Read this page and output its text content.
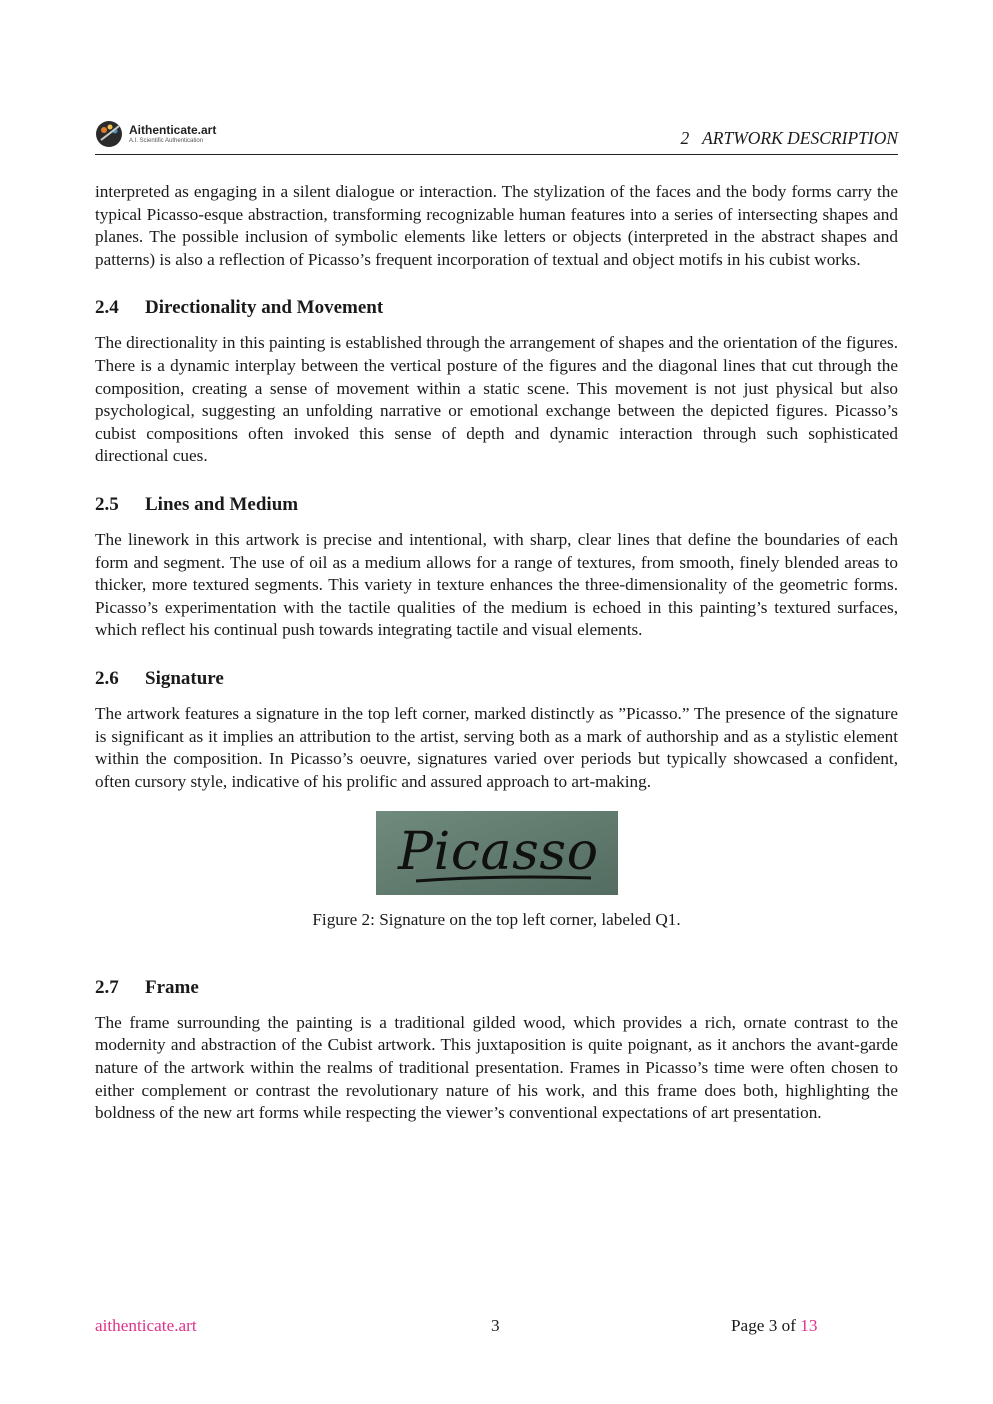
Aithenticate.art
A.I. Scientific Authentication	2   ARTWORK DESCRIPTION

interpreted as engaging in a silent dialogue or interaction. The stylization of the faces and the body forms carry the typical Picasso-esque abstraction, transforming recognizable human features into a series of intersecting shapes and planes. The possible inclusion of symbolic elements like letters or objects (interpreted in the abstract shapes and patterns) is also a reflection of Picasso’s frequent incorporation of textual and object motifs in his cubist works.

2.4	Directionality and Movement

The directionality in this painting is established through the arrangement of shapes and the orientation of the figures. There is a dynamic interplay between the vertical posture of the figures and the diagonal lines that cut through the composition, creating a sense of movement within a static scene. This movement is not just physical but also psychological, suggesting an unfolding narrative or emotional exchange between the depicted figures. Picasso’s cubist compositions often invoked this sense of depth and dynamic interaction through such sophisticated directional cues.

2.5	Lines and Medium

The linework in this artwork is precise and intentional, with sharp, clear lines that define the boundaries of each form and segment. The use of oil as a medium allows for a range of textures, from smooth, finely blended areas to thicker, more textured segments. This variety in texture enhances the three-dimensionality of the geometric forms. Picasso’s experimentation with the tactile qualities of the medium is echoed in this painting’s textured surfaces, which reflect his continual push towards integrating tactile and visual elements.

2.6	Signature

The artwork features a signature in the top left corner, marked distinctly as ”Picasso.” The presence of the signature is significant as it implies an attribution to the artist, serving both as a mark of authorship and as a stylistic element within the composition. In Picasso’s oeuvre, signatures varied over periods but typically showcased a confident, often cursory style, indicative of his prolific and assured approach to art-making.

Picasso
Figure 2: Signature on the top left corner, labeled Q1.
2.7	Frame

The frame surrounding the painting is a traditional gilded wood, which provides a rich, ornate contrast to the modernity and abstraction of the Cubist artwork. This juxtaposition is quite poignant, as it anchors the avant-garde nature of the artwork within the realms of traditional presentation. Frames in Picasso’s time were often chosen to either complement or contrast the revolutionary nature of his work, and this frame does both, highlighting the boldness of the new art forms while respecting the viewer’s conventional expectations of art presentation.

aithenticate.art	3	Page 3 of 13
